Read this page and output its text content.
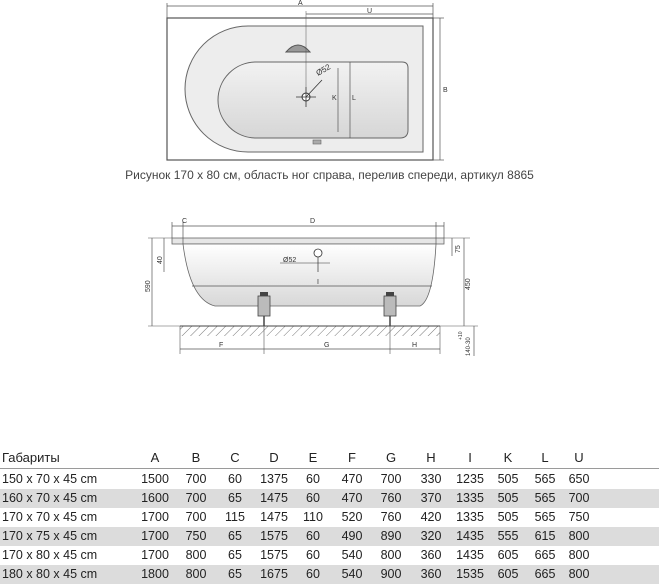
Ø52
A
U
B
L
K
Ø52
I
C	D
40
590
75
450
140-30
+10
F	G	H
Рисунок 170 x 80 см, область ног справа, перелив спереди, артикул 8865
Габариты	A	B	C	D	E	F	G	H	I	K	L	U
150 x 70 x 45 cm	1500	700	60	1375	60	470	700	330	1235	505	565	650
160 x 70 x 45 cm	1600	700	65	1475	60	470	760	370	1335	505	565	700
170 x 70 x 45 cm	1700	700	115	1475	110	520	760	420	1335	505	565	750
170 x 75 x 45 cm	1700	750	65	1575	60	490	890	320	1435	555	615	800
170 x 80 x 45 cm	1700	800	65	1575	60	540	800	360	1435	605	665	800
180 x 80 x 45 cm	1800	800	65	1675	60	540	900	360	1535	605	665	800
